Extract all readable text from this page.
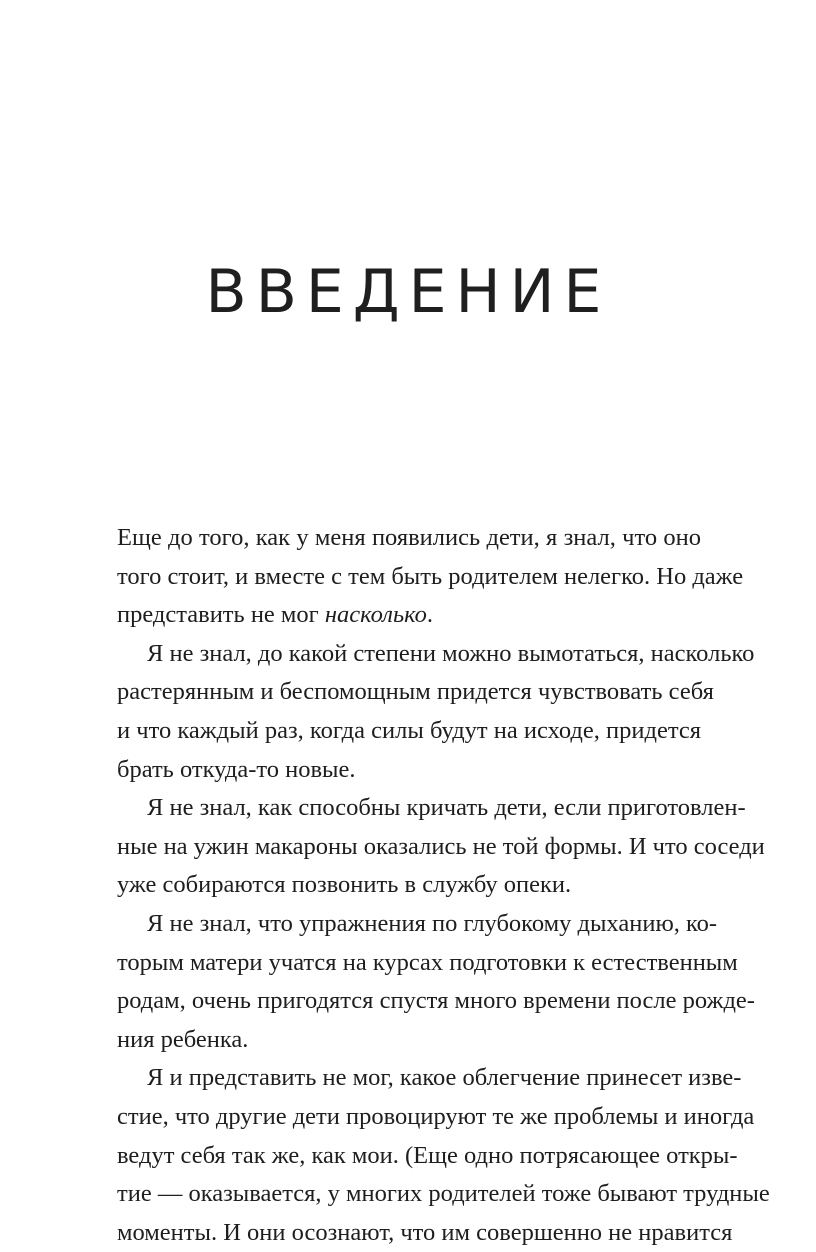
ВВЕДЕНИЕ
Еще до того, как у меня появились дети, я знал, что оно
того стоит, и вместе с тем быть родителем нелегко. Но даже
представить не мог насколько.
Я не знал, до какой степени можно вымотаться, насколько
растерянным и беспомощным придется чувствовать себя
и что каждый раз, когда силы будут на исходе, придется
брать откуда-то новые.
Я не знал, как способны кричать дети, если приготовлен-
ные на ужин макароны оказались не той формы. И что соседи
уже собираются позвонить в службу опеки.
Я не знал, что упражнения по глубокому дыханию, ко-
торым матери учатся на курсах подготовки к естественным
родам, очень пригодятся спустя много времени после рожде-
ния ребенка.
Я и представить не мог, какое облегчение принесет изве-
стие, что другие дети провоцируют те же проблемы и иногда
ведут себя так же, как мои. (Еще одно потрясающее откры-
тие — оказывается, у многих родителей тоже бывают трудные
моменты. И они осознают, что им совершенно не нравится
